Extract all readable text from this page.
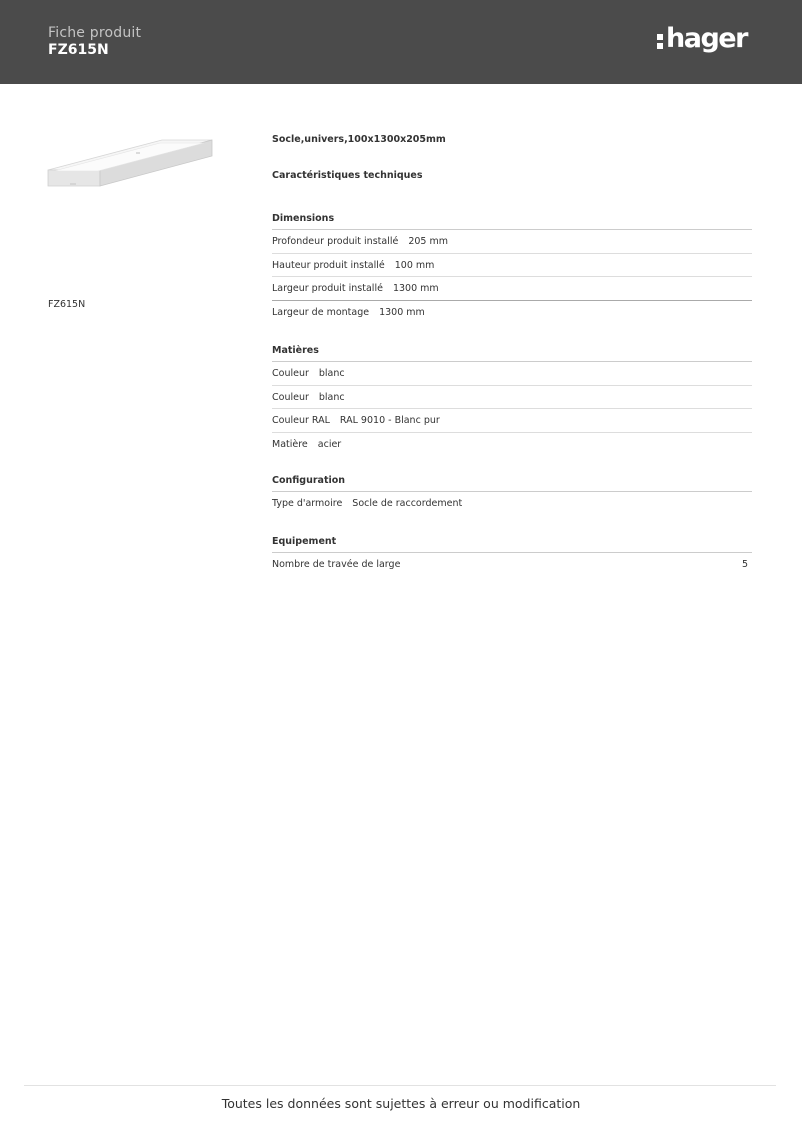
Fiche produit
FZ615N	hager
FZ615N
Socle,univers,100x1300x205mm
Caractéristiques techniques
Dimensions
Profondeur produit installé 205 mm
Hauteur produit installé 100 mm
Largeur produit installé 1300 mm
Largeur de montage 1300 mm
Matières
Couleur blanc
Couleur blanc
Couleur RAL RAL 9010 - Blanc pur
Matière acier
Configuration
Type d'armoire Socle de raccordement
Equipement
Nombre de travée de large	5
Toutes les données sont sujettes à erreur ou modification
